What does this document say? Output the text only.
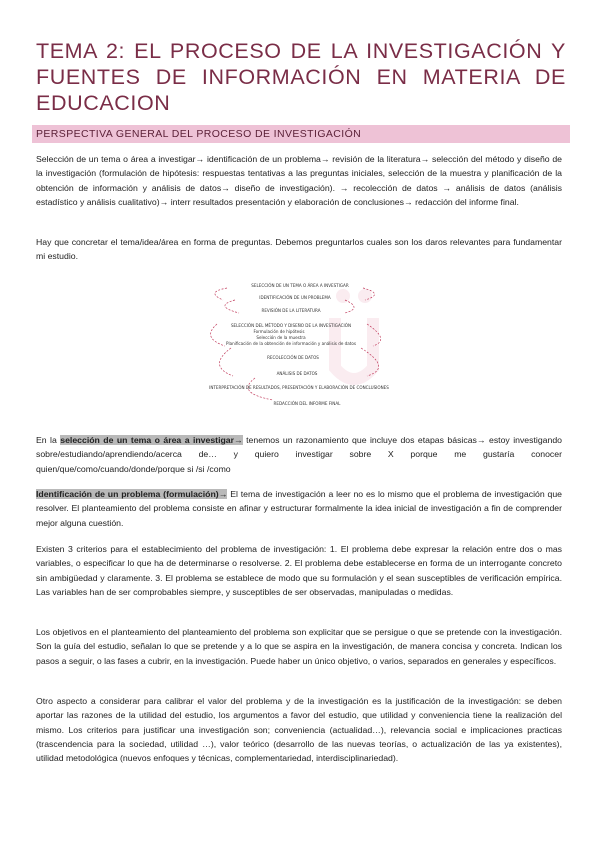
TEMA 2: EL PROCESO DE LA INVESTIGACIÓN Y FUENTES DE INFORMACIÓN EN MATERIA DE EDUCACION
PERSPECTIVA GENERAL DEL PROCESO DE INVESTIGACIÓN
Selección de un tema o área a investigar→ identificación de un problema→ revisión de la literatura→ selección del método y diseño de la investigación (formulación de hipótesis: respuestas tentativas a las preguntas iniciales, selección de la muestra y planificación de la obtención de información y análisis de datos→ diseño de investigación). → recolección de datos → análisis de datos (análisis estadístico y análisis cualitativo)→ interr resultados presentación y elaboración de conclusiones→ redacción del informe final.
Hay que concretar el tema/idea/área en forma de preguntas. Debemos preguntarlos cuales son los daros relevantes para fundamentar mi estudio.
SELECCIÓN DE UN TEMA O ÁREA A INVESTIGAR
IDENTIFICACIÓN DE UN PROBLEMA
REVISIÓN DE LA LITERATURA
SELECCIÓN DEL MÉTODO Y DISEÑO DE LA INVESTIGACIÓN
Formulación de hipótesis
Selección de la muestra
Planificación de la obtención de información y análisis de datos
RECOLECCIÓN DE DATOS
ANÁLISIS DE DATOS
INTERPRETACIÓN DE RESULTADOS, PRESENTACIÓN Y ELABORACIÓN DE CONCLUSIONES
REDACCIÓN DEL INFORME FINAL
En la selección de un tema o área a investigar→ tenemos un razonamiento que incluye dos etapas básicas→ estoy investigando sobre/estudiando/aprendiendo/acerca de… y quiero investigar sobre X porque me gustaría conocer quien/que/como/cuando/donde/porque si /si /como
Identificación de un problema (formulación)→ El tema de investigación a leer no es lo mismo que el problema de investigación que resolver. El planteamiento del problema consiste en afinar y estructurar formalmente la idea inicial de investigación a fin de comprender mejor alguna cuestión.
Existen 3 criterios para el establecimiento del problema de investigación: 1. El problema debe expresar la relación entre dos o mas variables, o especificar lo que ha de determinarse o resolverse. 2. El problema debe establecerse en forma de un interrogante concreto sin ambigüedad y claramente. 3. El problema se establece de modo que su formulación y el sean susceptibles de verificación empírica. Las variables han de ser comprobables siempre, y susceptibles de ser observadas, manipuladas o medidas.
Los objetivos en el planteamiento del planteamiento del problema son explicitar que se persigue o que se pretende con la investigación. Son la guía del estudio, señalan lo que se pretende y a lo que se aspira en la investigación, de manera concisa y concreta. Indican los pasos a seguir, o las fases a cubrir, en la investigación. Puede haber un único objetivo, o varios, separados en generales y específicos.
Otro aspecto a considerar para calibrar el valor del problema y de la investigación es la justificación de la investigación: se deben aportar las razones de la utilidad del estudio, los argumentos a favor del estudio, que utilidad y conveniencia tiene la realización del mismo. Los criterios para justificar una investigación son; conveniencia (actualidad…), relevancia social e implicaciones practicas (trascendencia para la sociedad, utilidad …), valor teórico (desarrollo de las nuevas teorías, o actualización de las ya existentes), utilidad metodológica (nuevos enfoques y técnicas, complementariedad, interdisciplinariedad).
